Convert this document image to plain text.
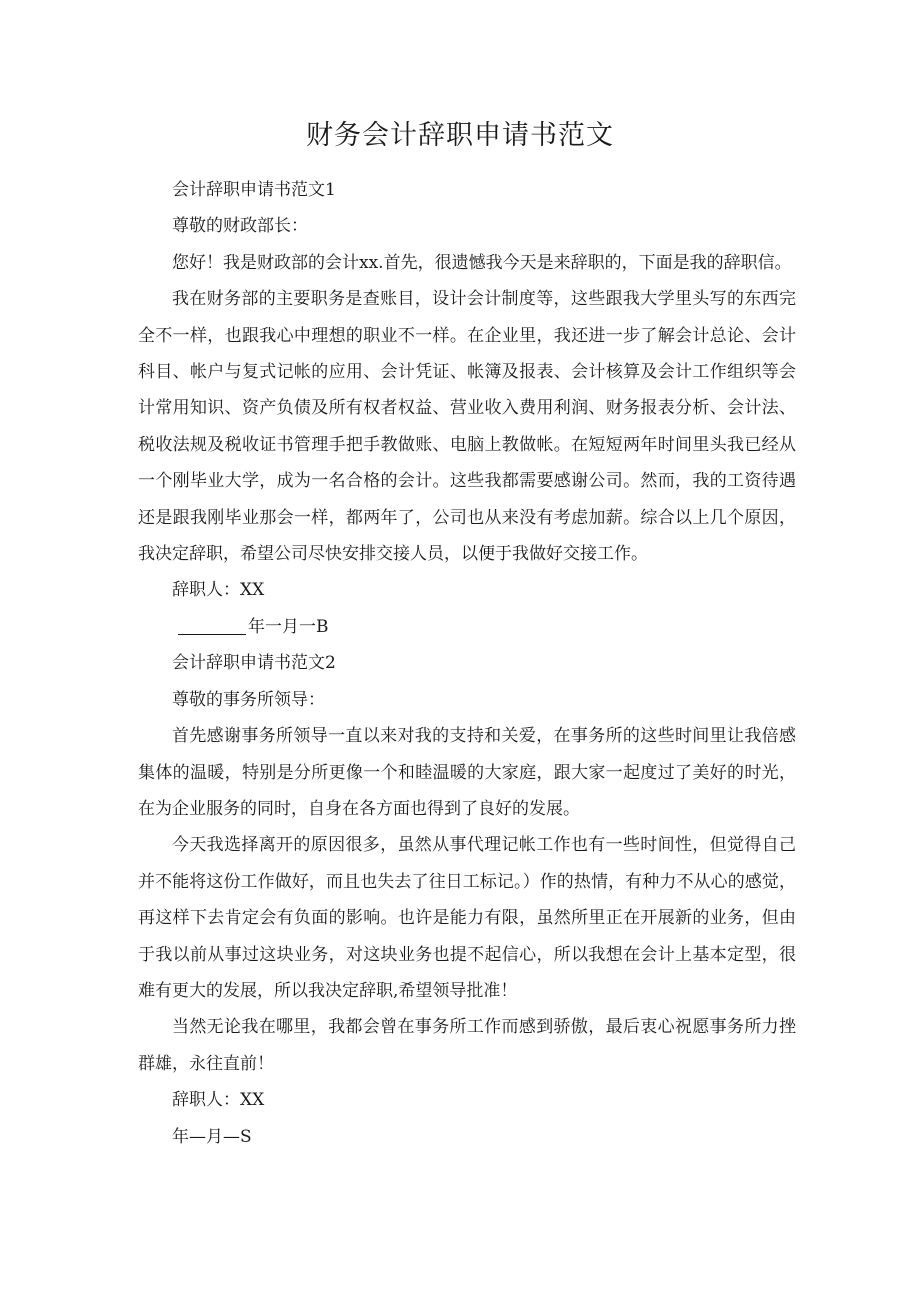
财务会计辞职申请书范文

会计辞职申请书范文1

尊敬的财政部长：

您好！我是财政部的会计xx.首先，很遗憾我今天是来辞职的，下面是我的辞职信。

我在财务部的主要职务是查账目，设计会计制度等，这些跟我大学里头写的东西完全不一样，也跟我心中理想的职业不一样。在企业里，我还进一步了解会计总论、会计科目、帐户与复式记帐的应用、会计凭证、帐簿及报表、会计核算及会计工作组织等会计常用知识、资产负债及所有权者权益、营业收入费用利润、财务报表分析、会计法、税收法规及税收证书管理手把手教做账、电脑上教做帐。在短短两年时间里头我已经从一个刚毕业大学，成为一名合格的会计。这些我都需要感谢公司。然而，我的工资待遇还是跟我刚毕业那会一样，都两年了，公司也从来没有考虑加薪。综合以上几个原因，我决定辞职，希望公司尽快安排交接人员，以便于我做好交接工作。

辞职人：XX

年一月一B

会计辞职申请书范文2

尊敬的事务所领导：

首先感谢事务所领导一直以来对我的支持和关爱，在事务所的这些时间里让我倍感集体的温暖，特别是分所更像一个和睦温暖的大家庭，跟大家一起度过了美好的时光，在为企业服务的同时，自身在各方面也得到了良好的发展。

今天我选择离开的原因很多，虽然从事代理记帐工作也有一些时间性，但觉得自己并不能将这份工作做好，而且也失去了往日工标记。）作的热情，有种力不从心的感觉，再这样下去肯定会有负面的影响。也许是能力有限，虽然所里正在开展新的业务，但由于我以前从事过这块业务，对这块业务也提不起信心，所以我想在会计上基本定型，很难有更大的发展，所以我决定辞职,希望领导批准！

当然无论我在哪里，我都会曾在事务所工作而感到骄傲，最后衷心祝愿事务所力挫群雄，永往直前！

辞职人：XX

年—月—S
